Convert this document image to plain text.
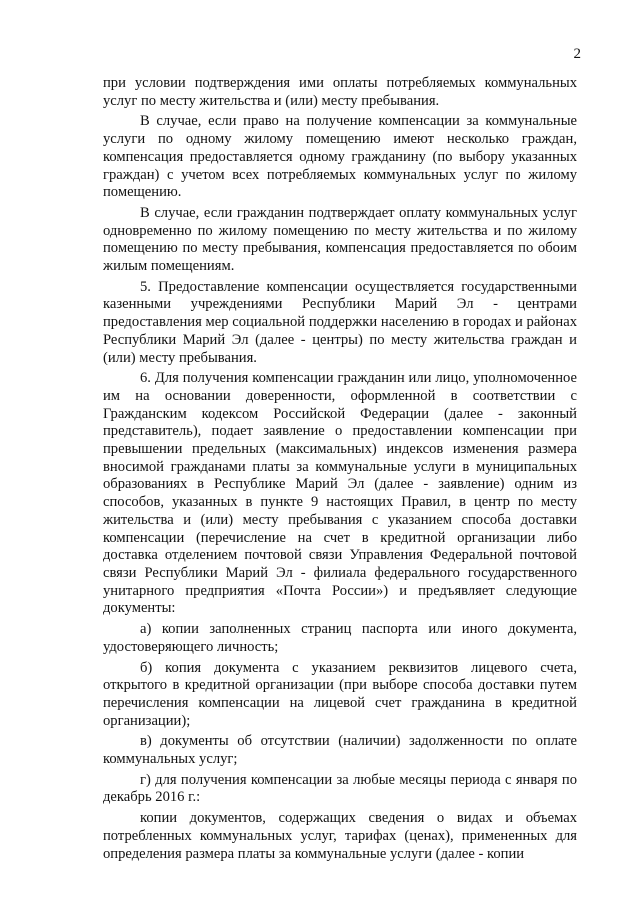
2

при условии подтверждения ими оплаты потребляемых коммунальных услуг по месту жительства и (или) месту пребывания.

В случае, если право на получение компенсации за коммунальные услуги по одному жилому помещению имеют несколько граждан, компенсация предоставляется одному гражданину (по выбору указанных граждан) с учетом всех потребляемых коммунальных услуг по жилому помещению.

В случае, если гражданин подтверждает оплату коммунальных услуг одновременно по жилому помещению по месту жительства и по жилому помещению по месту пребывания, компенсация предоставляется по обоим жилым помещениям.

5. Предоставление компенсации осуществляется государственными казенными учреждениями Республики Марий Эл - центрами предоставления мер социальной поддержки населению в городах и районах Республики Марий Эл (далее - центры) по месту жительства граждан и (или) месту пребывания.

6. Для получения компенсации гражданин или лицо, уполномоченное им на основании доверенности, оформленной в соответствии с Гражданским кодексом Российской Федерации (далее - законный представитель), подает заявление о предоставлении компенсации при превышении предельных (максимальных) индексов изменения размера вносимой гражданами платы за коммунальные услуги в муниципальных образованиях в Республике Марий Эл (далее - заявление) одним из способов, указанных в пункте 9 настоящих Правил, в центр по месту жительства и (или) месту пребывания с указанием способа доставки компенсации (перечисление на счет в кредитной организации либо доставка отделением почтовой связи Управления Федеральной почтовой связи Республики Марий Эл - филиала федерального государственного унитарного предприятия «Почта России») и предъявляет следующие документы:

а) копии заполненных страниц паспорта или иного документа, удостоверяющего личность;

б) копия документа с указанием реквизитов лицевого счета, открытого в кредитной организации (при выборе способа доставки путем перечисления компенсации на лицевой счет гражданина в кредитной организации);

в) документы об отсутствии (наличии) задолженности по оплате коммунальных услуг;

г) для получения компенсации за любые месяцы периода с января по декабрь 2016 г.:

копии документов, содержащих сведения о видах и объемах потребленных коммунальных услуг, тарифах (ценах), примененных для определения размера платы за коммунальные услуги (далее - копии
